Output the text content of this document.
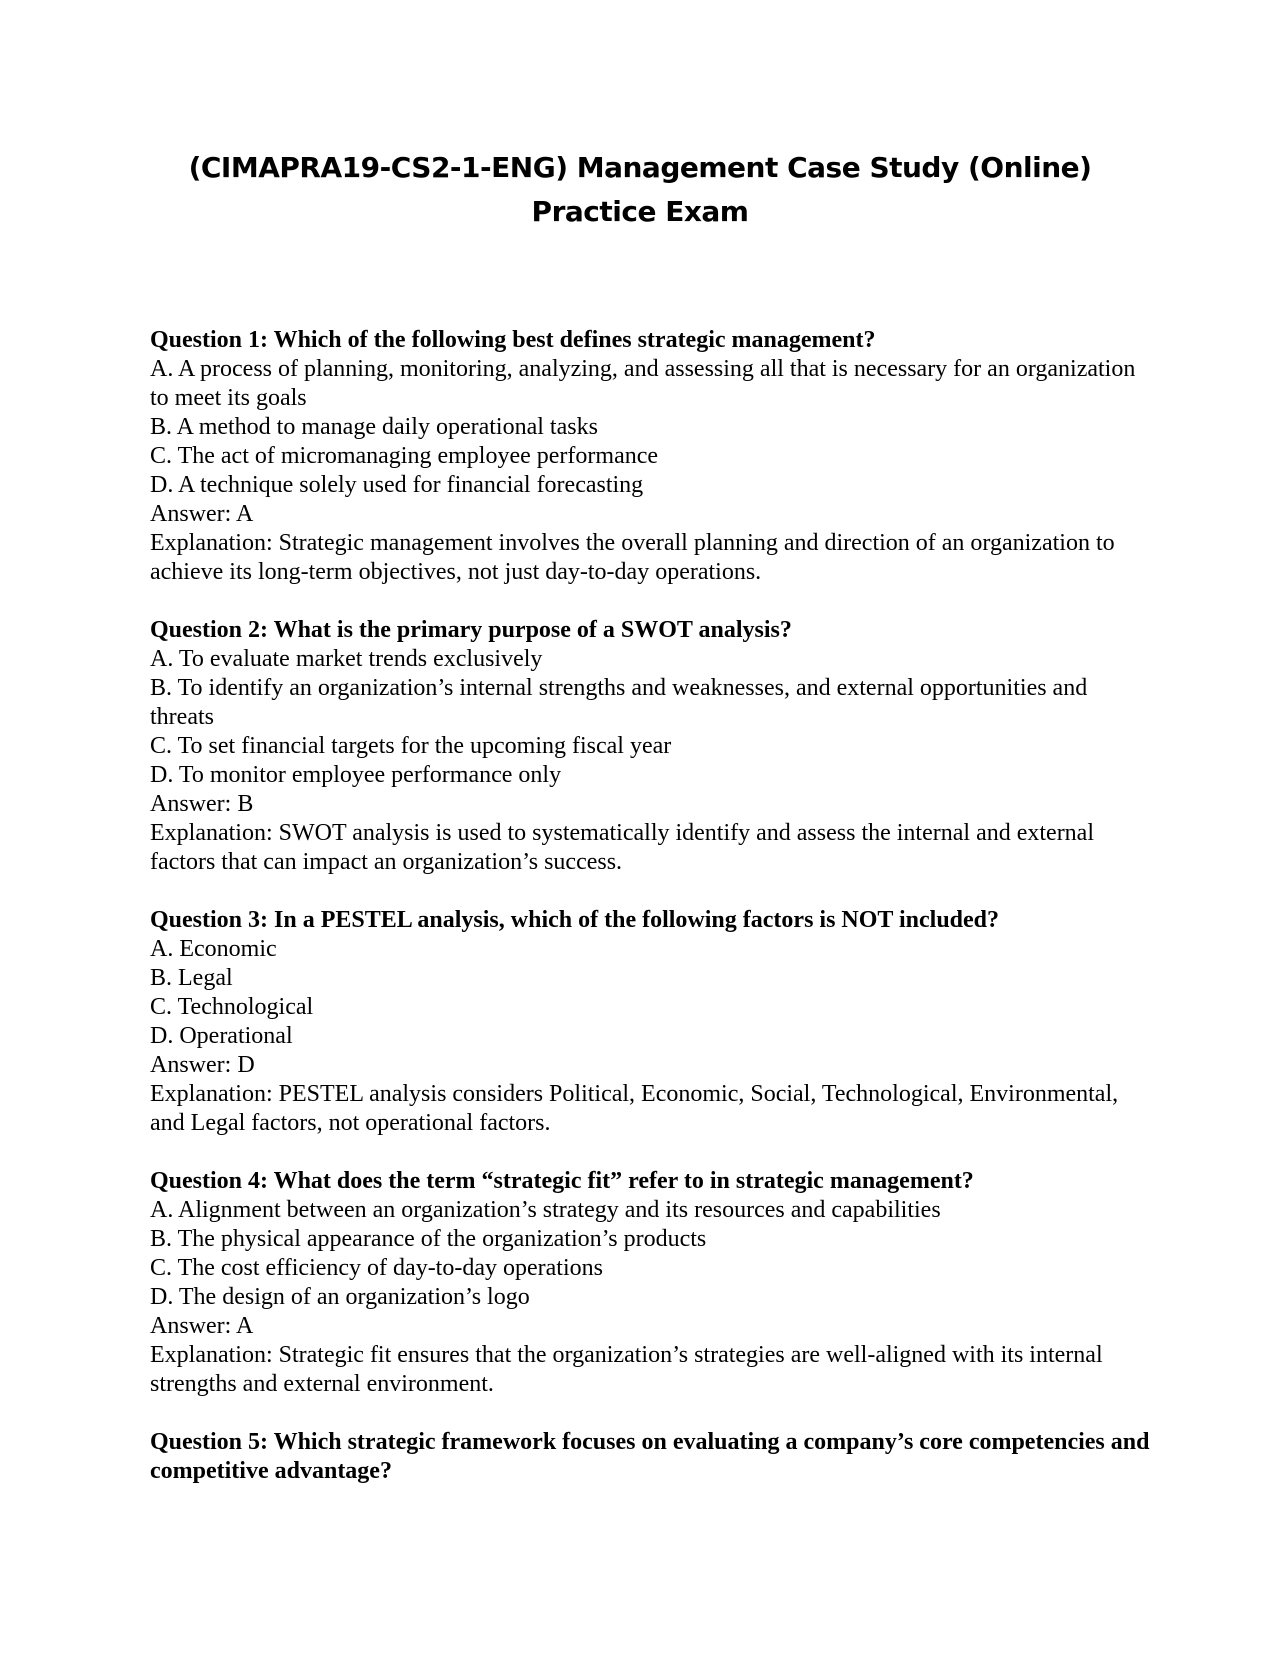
(CIMAPRA19-CS2-1-ENG) Management Case Study (Online) Practice Exam

Question 1: Which of the following best defines strategic management?

A. A process of planning, monitoring, analyzing, and assessing all that is necessary for an organization to meet its goals

B. A method to manage daily operational tasks

C. The act of micromanaging employee performance

D. A technique solely used for financial forecasting

Answer: A

Explanation: Strategic management involves the overall planning and direction of an organization to achieve its long-term objectives, not just day-to-day operations.

Question 2: What is the primary purpose of a SWOT analysis?

A. To evaluate market trends exclusively

B. To identify an organization’s internal strengths and weaknesses, and external opportunities and threats

C. To set financial targets for the upcoming fiscal year

D. To monitor employee performance only

Answer: B

Explanation: SWOT analysis is used to systematically identify and assess the internal and external factors that can impact an organization’s success.

Question 3: In a PESTEL analysis, which of the following factors is NOT included?

A. Economic

B. Legal

C. Technological

D. Operational

Answer: D

Explanation: PESTEL analysis considers Political, Economic, Social, Technological, Environmental, and Legal factors, not operational factors.

Question 4: What does the term “strategic fit” refer to in strategic management?

A. Alignment between an organization’s strategy and its resources and capabilities

B. The physical appearance of the organization’s products

C. The cost efficiency of day-to-day operations

D. The design of an organization’s logo

Answer: A

Explanation: Strategic fit ensures that the organization’s strategies are well-aligned with its internal strengths and external environment.

Question 5: Which strategic framework focuses on evaluating a company’s core competencies and competitive advantage?
